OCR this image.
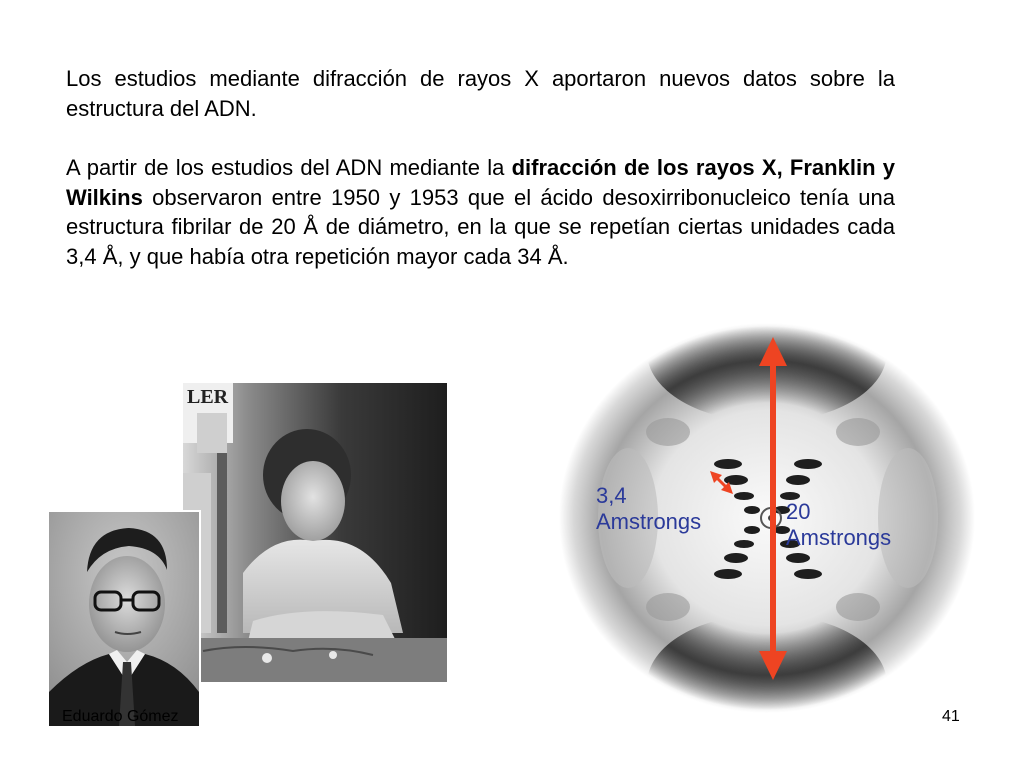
Los estudios mediante difracción de rayos X aportaron nuevos datos sobre la estructura del ADN.

A partir de los estudios del ADN mediante la difracción de los rayos X, Franklin y Wilkins observaron entre 1950 y 1953 que el ácido desoxirribonucleico tenía una estructura fibrilar de 20 Å de diámetro, en la que se repetían ciertas unidades cada 3,4 Å, y que había otra repetición mayor cada 34 Å.

LER
3,4
Amstrongs	20
Amstrongs
Eduardo Gómez	41
